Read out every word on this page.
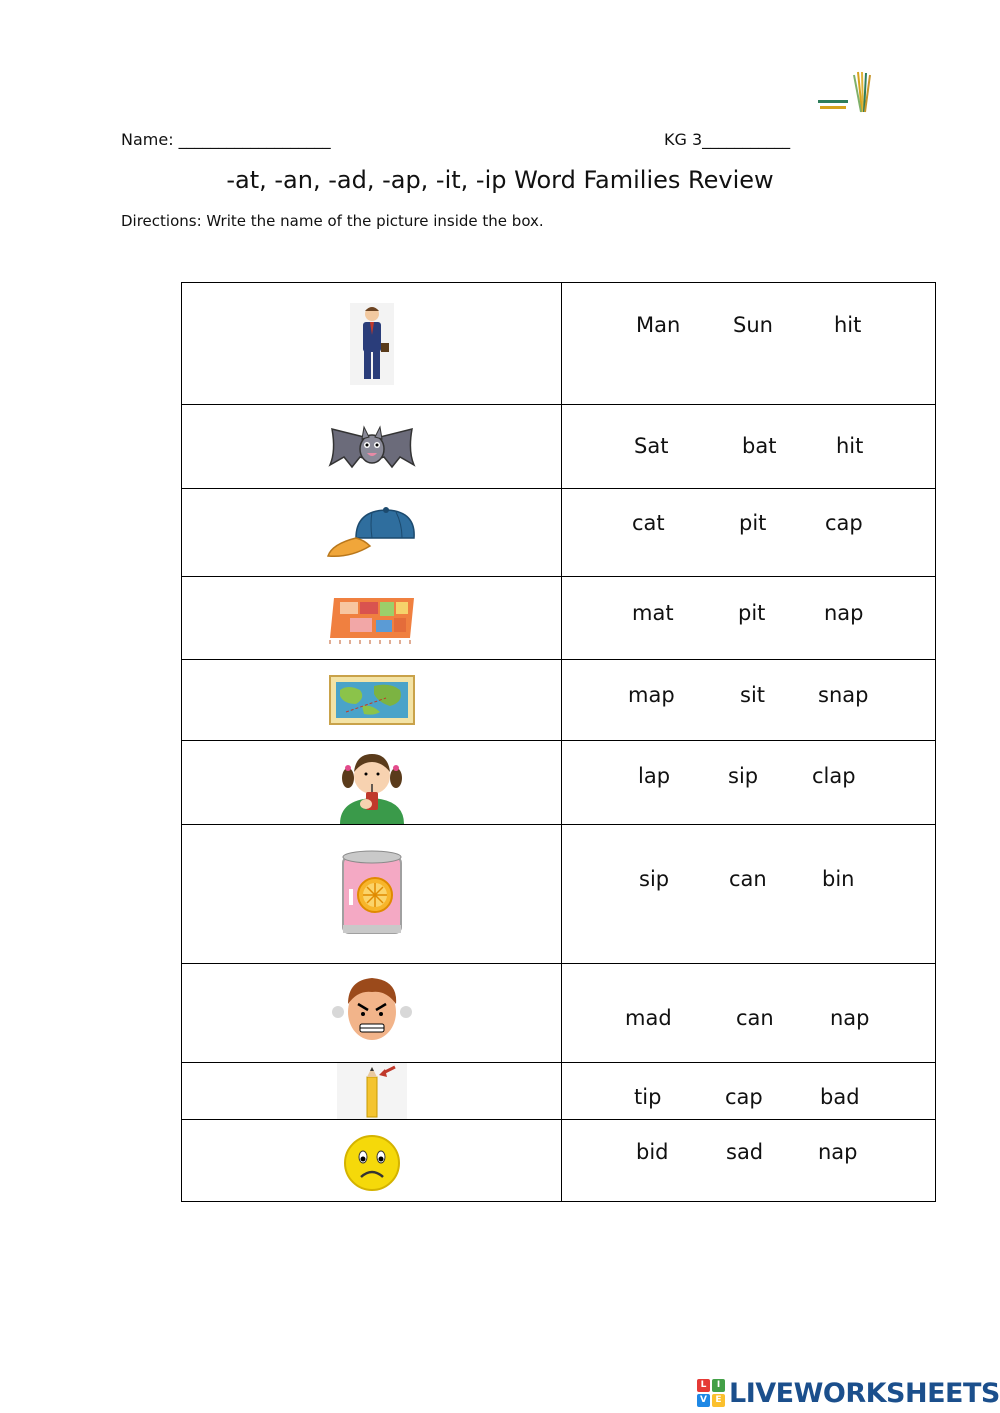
Name: ___________________	KG 3___________
-at, -an, -ad, -ap, -it, -ip Word Families Review
Directions: Write the name of the picture inside the box.

Man Sun hit

Sat bat hit

cat pit cap

mat pit nap

map sit snap

lap sip clap

sip can bin

mad can nap

tip cap bad

bid sad nap
L	I
V E LIVEWORKSHEETS
